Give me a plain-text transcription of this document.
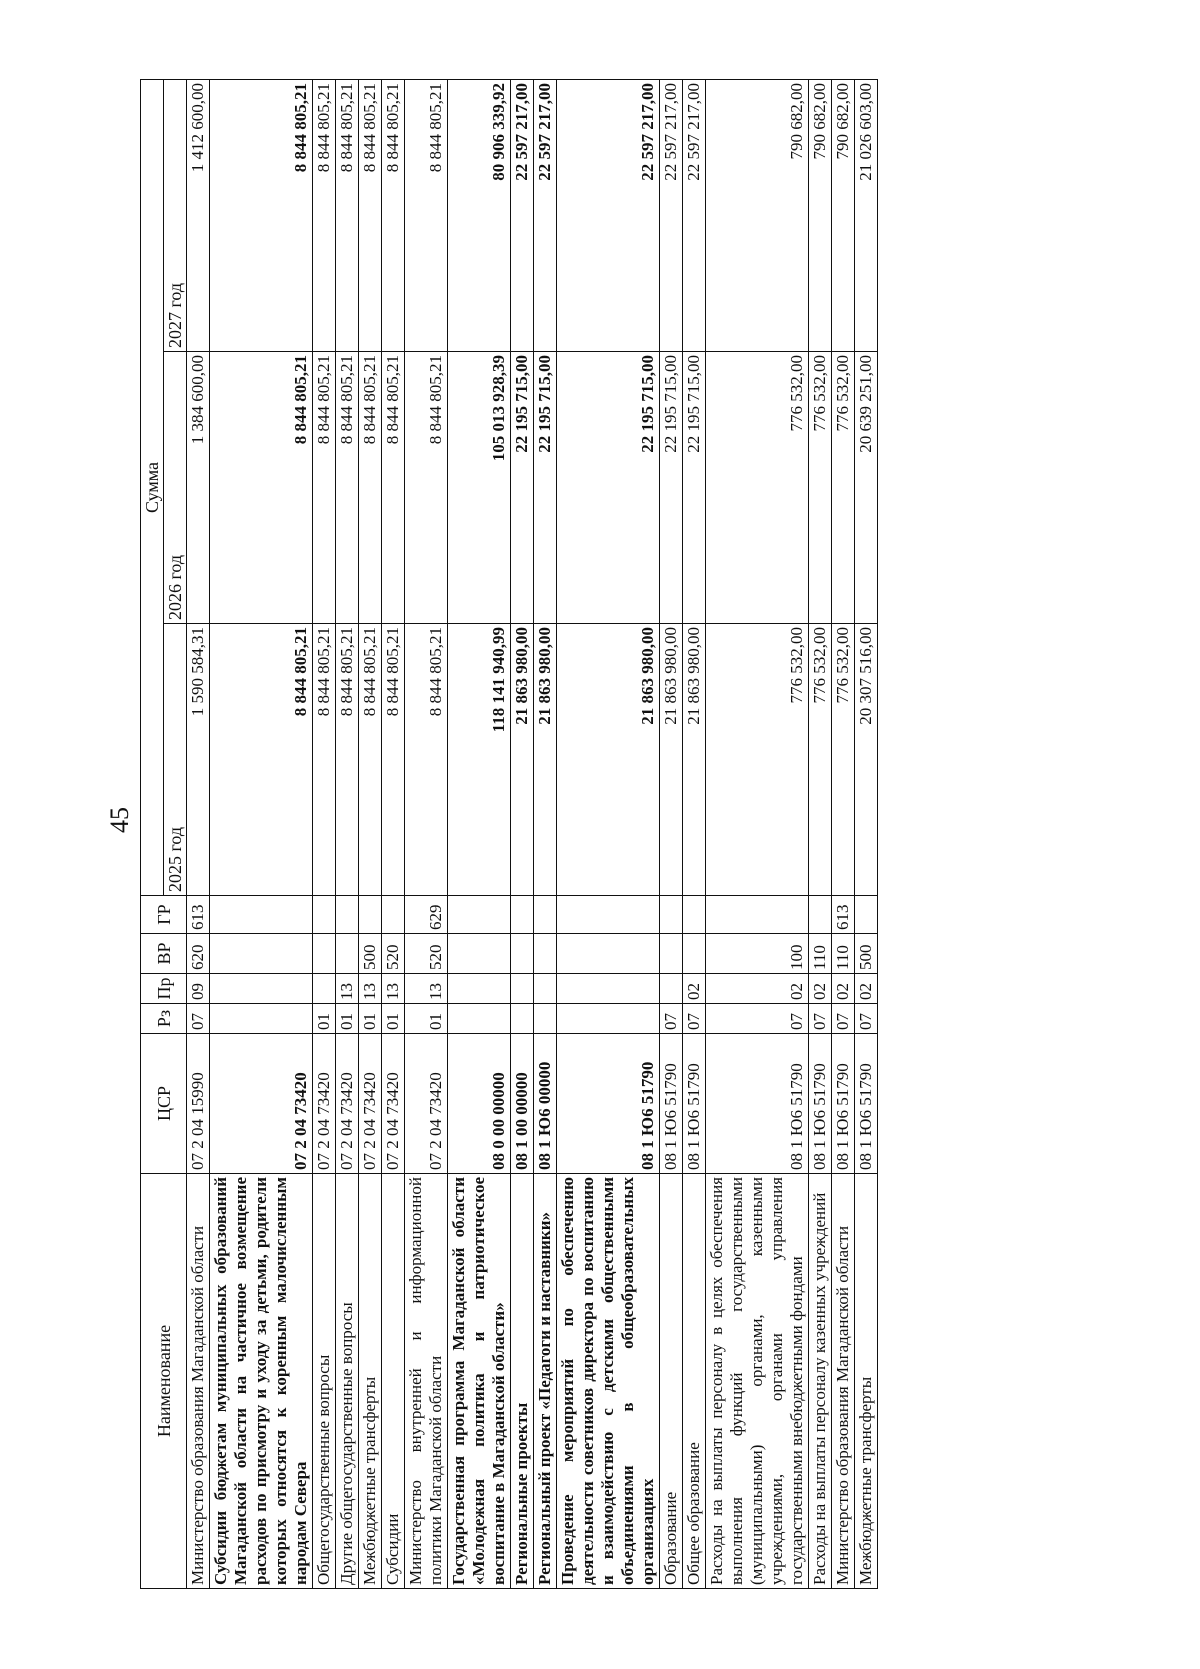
45
Наименование	ЦСР	Рз	Пр	ВР	ГР	Сумма		
						2025 год	2026 год	2027 год
Министерство образования Магаданской области	07 2 04 15990	07	09	620	613	1 590 584,31	1 384 600,00	1 412 600,00
Субсидии бюджетам муниципальных образований Магаданской области на частичное возмещение расходов по присмотру и уходу за детьми, родители которых относятся к коренным малочисленным народам Севера	07 2 04 73420					8 844 805,21	8 844 805,21	8 844 805,21
Общегосударственные вопросы	07 2 04 73420	01				8 844 805,21	8 844 805,21	8 844 805,21
Другие общегосударственные вопросы	07 2 04 73420	01	13			8 844 805,21	8 844 805,21	8 844 805,21
Межбюджетные трансферты	07 2 04 73420	01	13	500		8 844 805,21	8 844 805,21	8 844 805,21
Субсидии	07 2 04 73420	01	13	520		8 844 805,21	8 844 805,21	8 844 805,21
Министерство внутренней и информационной политики Магаданской области	07 2 04 73420	01	13	520	629	8 844 805,21	8 844 805,21	8 844 805,21
Государственная программа Магаданской области «Молодежная политика и патриотическое воспитание в Магаданской области»	08 0 00 00000					118 141 940,99	105 013 928,39	80 906 339,92
Региональные проекты	08 1 00 00000					21 863 980,00	22 195 715,00	22 597 217,00
Региональный проект «Педагоги и наставники»	08 1 Ю6 00000					21 863 980,00	22 195 715,00	22 597 217,00
Проведение мероприятий по обеспечению деятельности советников директора по воспитанию и взаимодействию с детскими общественными объединениями в общеобразовательных организациях	08 1 Ю6 51790					21 863 980,00	22 195 715,00	22 597 217,00
Образование	08 1 Ю6 51790	07				21 863 980,00	22 195 715,00	22 597 217,00
Общее образование	08 1 Ю6 51790	07	02			21 863 980,00	22 195 715,00	22 597 217,00
Расходы на выплаты персоналу в целях обеспечения выполнения функций государственными (муниципальными) органами, казенными учреждениями, органами управления государственными внебюджетными фондами	08 1 Ю6 51790	07	02	100		776 532,00	776 532,00	790 682,00
Расходы на выплаты персоналу казенных учреждений	08 1 Ю6 51790	07	02	110		776 532,00	776 532,00	790 682,00
Министерство образования Магаданской области	08 1 Ю6 51790	07	02	110	613	776 532,00	776 532,00	790 682,00
Межбюджетные трансферты	08 1 Ю6 51790	07	02	500		20 307 516,00	20 639 251,00	21 026 603,00
